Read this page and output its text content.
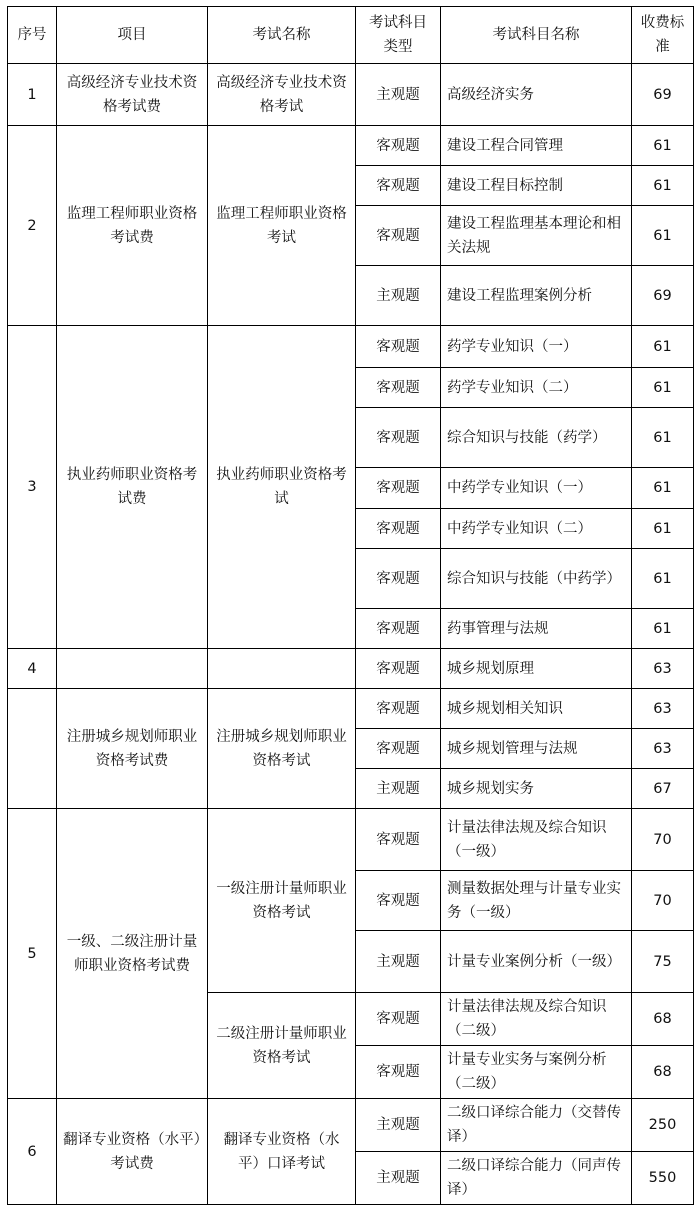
序号	项目	考试名称	考试科目类型	考试科目名称	收费标准
1	高级经济专业技术资格考试费	高级经济专业技术资格考试	主观题	高级经济实务	69
2	监理工程师职业资格考试费	监理工程师职业资格考试	客观题	建设工程合同管理	61
			客观题	建设工程目标控制	61
			客观题	建设工程监理基本理论和相关法规	61
			主观题	建设工程监理案例分析	69
3	执业药师职业资格考试费	执业药师职业资格考试	客观题	药学专业知识（一）	61
			客观题	药学专业知识（二）	61
			客观题	综合知识与技能（药学）	61
			客观题	中药学专业知识（一）	61
			客观题	中药学专业知识（二）	61
			客观题	综合知识与技能（中药学）	61
			客观题	药事管理与法规	61
4			客观题	城乡规划原理	63
	注册城乡规划师职业资格考试费	注册城乡规划师职业资格考试	客观题	城乡规划相关知识	63
			客观题	城乡规划管理与法规	63
			主观题	城乡规划实务	67
5	一级、二级注册计量师职业资格考试费	一级注册计量师职业资格考试	客观题	计量法律法规及综合知识（一级）	70
			客观题	测量数据处理与计量专业实务（一级）	70
			主观题	计量专业案例分析（一级）	75
		二级注册计量师职业资格考试	客观题	计量法律法规及综合知识（二级）	68
			客观题	计量专业实务与案例分析（二级）	68
6	翻译专业资格（水平）考试费	翻译专业资格（水平）口译考试	主观题	二级口译综合能力（交替传译）	250
			主观题	二级口译综合能力（同声传译）	550
